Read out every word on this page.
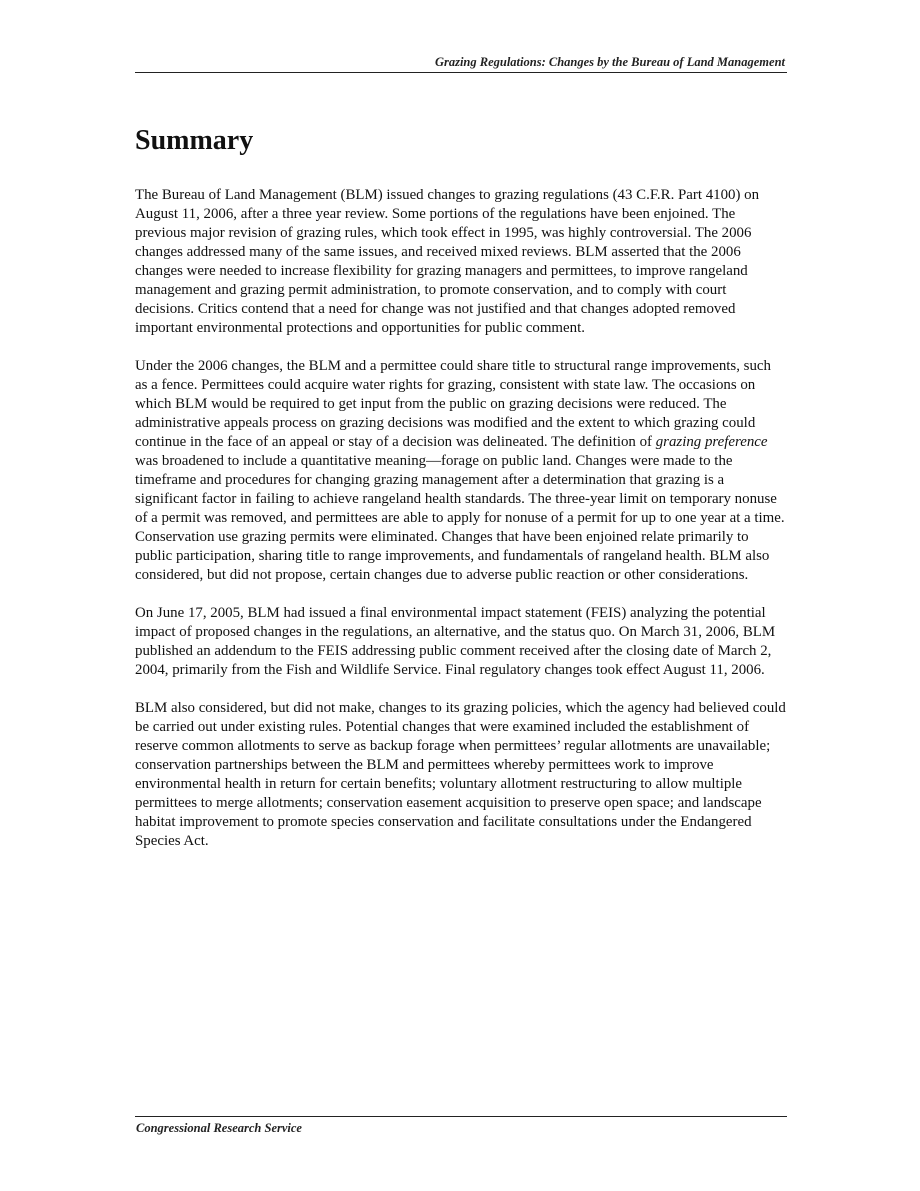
Grazing Regulations: Changes by the Bureau of Land Management
Summary

The Bureau of Land Management (BLM) issued changes to grazing regulations (43 C.F.R. Part 4100) on August 11, 2006, after a three year review. Some portions of the regulations have been enjoined. The previous major revision of grazing rules, which took effect in 1995, was highly controversial. The 2006 changes addressed many of the same issues, and received mixed reviews. BLM asserted that the 2006 changes were needed to increase flexibility for grazing managers and permittees, to improve rangeland management and grazing permit administration, to promote conservation, and to comply with court decisions. Critics contend that a need for change was not justified and that changes adopted removed important environmental protections and opportunities for public comment.

Under the 2006 changes, the BLM and a permittee could share title to structural range improvements, such as a fence. Permittees could acquire water rights for grazing, consistent with state law. The occasions on which BLM would be required to get input from the public on grazing decisions were reduced. The administrative appeals process on grazing decisions was modified and the extent to which grazing could continue in the face of an appeal or stay of a decision was delineated. The definition of grazing preference was broadened to include a quantitative meaning—forage on public land. Changes were made to the timeframe and procedures for changing grazing management after a determination that grazing is a significant factor in failing to achieve rangeland health standards. The three-year limit on temporary nonuse of a permit was removed, and permittees are able to apply for nonuse of a permit for up to one year at a time. Conservation use grazing permits were eliminated. Changes that have been enjoined relate primarily to public participation, sharing title to range improvements, and fundamentals of rangeland health. BLM also considered, but did not propose, certain changes due to adverse public reaction or other considerations.

On June 17, 2005, BLM had issued a final environmental impact statement (FEIS) analyzing the potential impact of proposed changes in the regulations, an alternative, and the status quo. On March 31, 2006, BLM published an addendum to the FEIS addressing public comment received after the closing date of March 2, 2004, primarily from the Fish and Wildlife Service. Final regulatory changes took effect August 11, 2006.

BLM also considered, but did not make, changes to its grazing policies, which the agency had believed could be carried out under existing rules. Potential changes that were examined included the establishment of reserve common allotments to serve as backup forage when permittees’ regular allotments are unavailable; conservation partnerships between the BLM and permittees whereby permittees work to improve environmental health in return for certain benefits; voluntary allotment restructuring to allow multiple permittees to merge allotments; conservation easement acquisition to preserve open space; and landscape habitat improvement to promote species conservation and facilitate consultations under the Endangered Species Act.

Congressional Research Service
